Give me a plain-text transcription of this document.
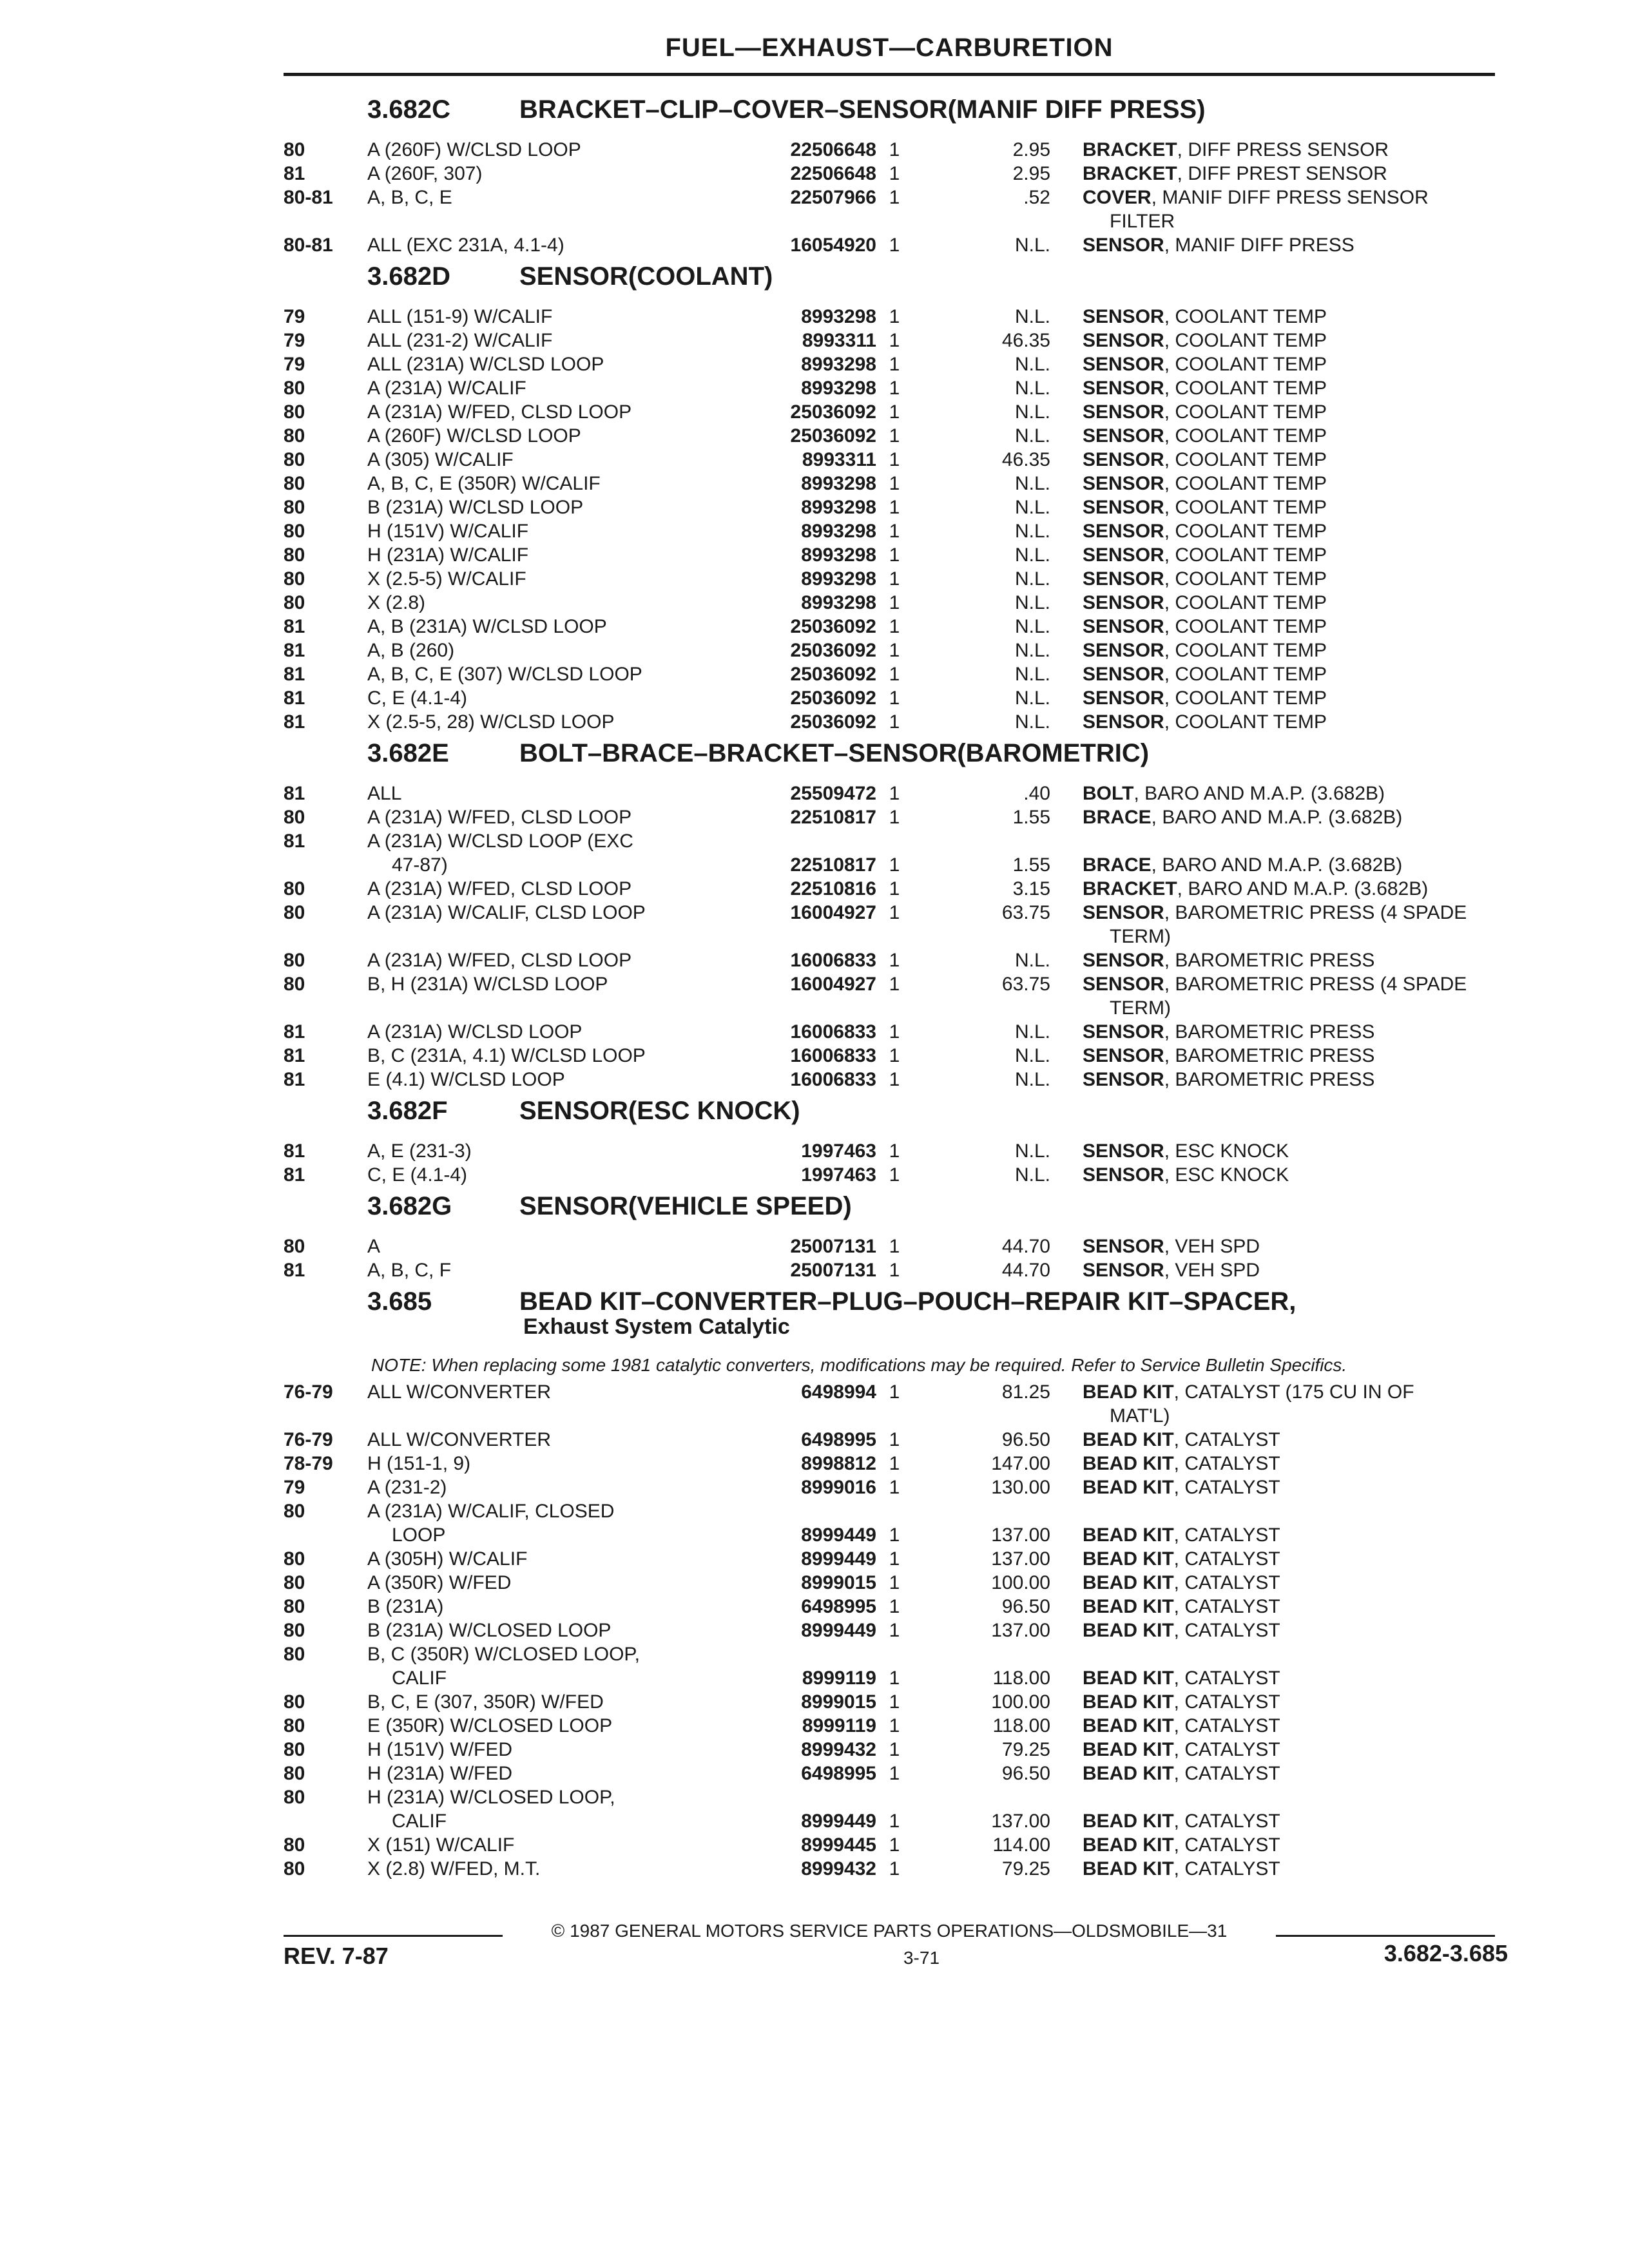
FUEL—EXHAUST—CARBURETION
3.682C	BRACKET–CLIP–COVER–SENSOR(MANIF DIFF PRESS)
80	A (260F) W/CLSD LOOP	22506648 1	2.95 BRACKET, DIFF PRESS SENSOR
81	A (260F, 307)	22506648 1	2.95 BRACKET, DIFF PREST SENSOR
80-81 A, B, C, E	22507966 1	.52 COVER, MANIF DIFF PRESS SENSOR
FILTER
80-81 ALL (EXC 231A, 4.1-4)	16054920 1	N.L. SENSOR, MANIF DIFF PRESS
3.682D	SENSOR(COOLANT)
79	ALL (151-9) W/CALIF	8993298 1	N.L. SENSOR, COOLANT TEMP
79	ALL (231-2) W/CALIF	8993311 1	46.35 SENSOR, COOLANT TEMP
79	ALL (231A) W/CLSD LOOP	8993298 1	N.L. SENSOR, COOLANT TEMP
80	A (231A) W/CALIF	8993298 1	N.L. SENSOR, COOLANT TEMP
80	A (231A) W/FED, CLSD LOOP	25036092 1	N.L. SENSOR, COOLANT TEMP
80	A (260F) W/CLSD LOOP	25036092 1	N.L. SENSOR, COOLANT TEMP
80	A (305) W/CALIF	8993311 1	46.35 SENSOR, COOLANT TEMP
80	A, B, C, E (350R) W/CALIF	8993298 1	N.L. SENSOR, COOLANT TEMP
80	B (231A) W/CLSD LOOP	8993298 1	N.L. SENSOR, COOLANT TEMP
80	H (151V) W/CALIF	8993298 1	N.L. SENSOR, COOLANT TEMP
80	H (231A) W/CALIF	8993298 1	N.L. SENSOR, COOLANT TEMP
80	X (2.5-5) W/CALIF	8993298 1	N.L. SENSOR, COOLANT TEMP
80	X (2.8)	8993298 1	N.L. SENSOR, COOLANT TEMP
81	A, B (231A) W/CLSD LOOP	25036092 1	N.L. SENSOR, COOLANT TEMP
81	A, B (260)	25036092 1	N.L. SENSOR, COOLANT TEMP
81	A, B, C, E (307) W/CLSD LOOP	25036092 1	N.L. SENSOR, COOLANT TEMP
81	C, E (4.1-4)	25036092 1	N.L. SENSOR, COOLANT TEMP
81	X (2.5-5, 28) W/CLSD LOOP	25036092 1	N.L. SENSOR, COOLANT TEMP
3.682E	BOLT–BRACE–BRACKET–SENSOR(BAROMETRIC)
81	ALL	25509472 1	.40 BOLT, BARO AND M.A.P. (3.682B)
80	A (231A) W/FED, CLSD LOOP	22510817 1	1.55 BRACE, BARO AND M.A.P. (3.682B)
81	A (231A) W/CLSD LOOP (EXC
47-87)	22510817 1	1.55 BRACE, BARO AND M.A.P. (3.682B)
80	A (231A) W/FED, CLSD LOOP	22510816 1	3.15 BRACKET, BARO AND M.A.P. (3.682B)
80	A (231A) W/CALIF, CLSD LOOP	16004927 1	63.75 SENSOR, BAROMETRIC PRESS (4 SPADE
TERM)
80	A (231A) W/FED, CLSD LOOP	16006833 1	N.L. SENSOR, BAROMETRIC PRESS
80	B, H (231A) W/CLSD LOOP	16004927 1	63.75 SENSOR, BAROMETRIC PRESS (4 SPADE
TERM)
81	A (231A) W/CLSD LOOP	16006833 1	N.L. SENSOR, BAROMETRIC PRESS
81	B, C (231A, 4.1) W/CLSD LOOP	16006833 1	N.L. SENSOR, BAROMETRIC PRESS
81	E (4.1) W/CLSD LOOP	16006833 1	N.L. SENSOR, BAROMETRIC PRESS
3.682F	SENSOR(ESC KNOCK)
81	A, E (231-3)	1997463 1	N.L. SENSOR, ESC KNOCK
81	C, E (4.1-4)	1997463 1	N.L. SENSOR, ESC KNOCK
3.682G	SENSOR(VEHICLE SPEED)
80	A	25007131 1	44.70 SENSOR, VEH SPD
81	A, B, C, F	25007131 1	44.70 SENSOR, VEH SPD
3.685	BEAD KIT–CONVERTER–PLUG–POUCH–REPAIR KIT–SPACER,
Exhaust System Catalytic
NOTE: When replacing some 1981 catalytic converters, modifications may be required. Refer to Service Bulletin Specifics.
76-79 ALL W/CONVERTER	6498994 1	81.25 BEAD KIT, CATALYST (175 CU IN OF
MAT'L)
76-79 ALL W/CONVERTER	6498995 1	96.50 BEAD KIT, CATALYST
78-79 H (151-1, 9)	8998812 1	147.00 BEAD KIT, CATALYST
79	A (231-2)	8999016 1	130.00 BEAD KIT, CATALYST
80	A (231A) W/CALIF, CLOSED
LOOP	8999449 1	137.00 BEAD KIT, CATALYST
80	A (305H) W/CALIF	8999449 1	137.00 BEAD KIT, CATALYST
80	A (350R) W/FED	8999015 1	100.00 BEAD KIT, CATALYST
80	B (231A)	6498995 1	96.50 BEAD KIT, CATALYST
80	B (231A) W/CLOSED LOOP	8999449 1	137.00 BEAD KIT, CATALYST
80	B, C (350R) W/CLOSED LOOP,
CALIF	8999119 1	118.00 BEAD KIT, CATALYST
80	B, C, E (307, 350R) W/FED	8999015 1	100.00 BEAD KIT, CATALYST
80	E (350R) W/CLOSED LOOP	8999119 1	118.00 BEAD KIT, CATALYST
80	H (151V) W/FED	8999432 1	79.25 BEAD KIT, CATALYST
80	H (231A) W/FED	6498995 1	96.50 BEAD KIT, CATALYST
80	H (231A) W/CLOSED LOOP,
CALIF	8999449 1	137.00 BEAD KIT, CATALYST
80	X (151) W/CALIF	8999445 1	114.00 BEAD KIT, CATALYST
80	X (2.8) W/FED, M.T.	8999432 1	79.25 BEAD KIT, CATALYST
© 1987 GENERAL MOTORS SERVICE PARTS OPERATIONS—OLDSMOBILE—31
REV. 7-87	3-71	3.682-3.685
